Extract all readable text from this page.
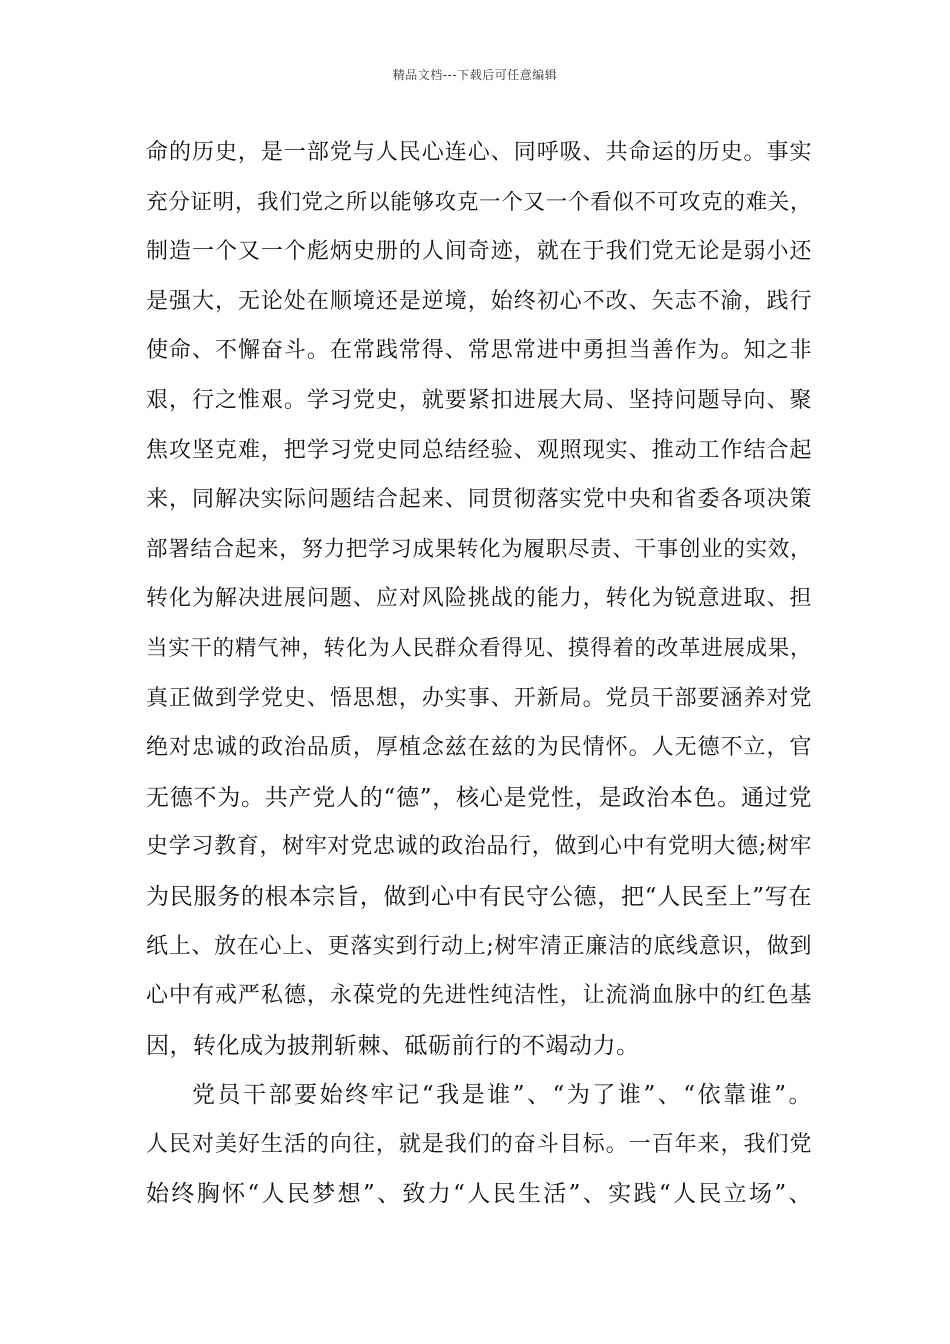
精品文档---下载后可任意编辑
命的历史，是一部党与人民心连心、同呼吸、共命运的历史。事实
充分证明，我们党之所以能够攻克一个又一个看似不可攻克的难关，
制造一个又一个彪炳史册的人间奇迹，就在于我们党无论是弱小还
是强大，无论处在顺境还是逆境，始终初心不改、矢志不渝，践行
使命、不懈奋斗。在常践常得、常思常进中勇担当善作为。知之非
艰，行之惟艰。学习党史，就要紧扣进展大局、坚持问题导向、聚
焦攻坚克难，把学习党史同总结经验、观照现实、推动工作结合起
来，同解决实际问题结合起来、同贯彻落实党中央和省委各项决策
部署结合起来，努力把学习成果转化为履职尽责、干事创业的实效，
转化为解决进展问题、应对风险挑战的能力，转化为锐意进取、担
当实干的精气神，转化为人民群众看得见、摸得着的改革进展成果，
真正做到学党史、悟思想，办实事、开新局。党员干部要涵养对党
绝对忠诚的政治品质，厚植念兹在兹的为民情怀。人无德不立，官
无德不为。共产党人的“德”，核心是党性，是政治本色。通过党
史学习教育，树牢对党忠诚的政治品行，做到心中有党明大德;树牢
为民服务的根本宗旨，做到心中有民守公德，把“人民至上”写在
纸上、放在心上、更落实到行动上;树牢清正廉洁的底线意识，做到
心中有戒严私德，永葆党的先进性纯洁性，让流淌血脉中的红色基
因，转化成为披荆斩棘、砥砺前行的不竭动力。
党员干部要始终牢记“我是谁”、“为了谁”、“依靠谁”。
人民对美好生活的向往，就是我们的奋斗目标。一百年来，我们党
始终胸怀“人民梦想”、致力“人民生活”、实践“人民立场”、
